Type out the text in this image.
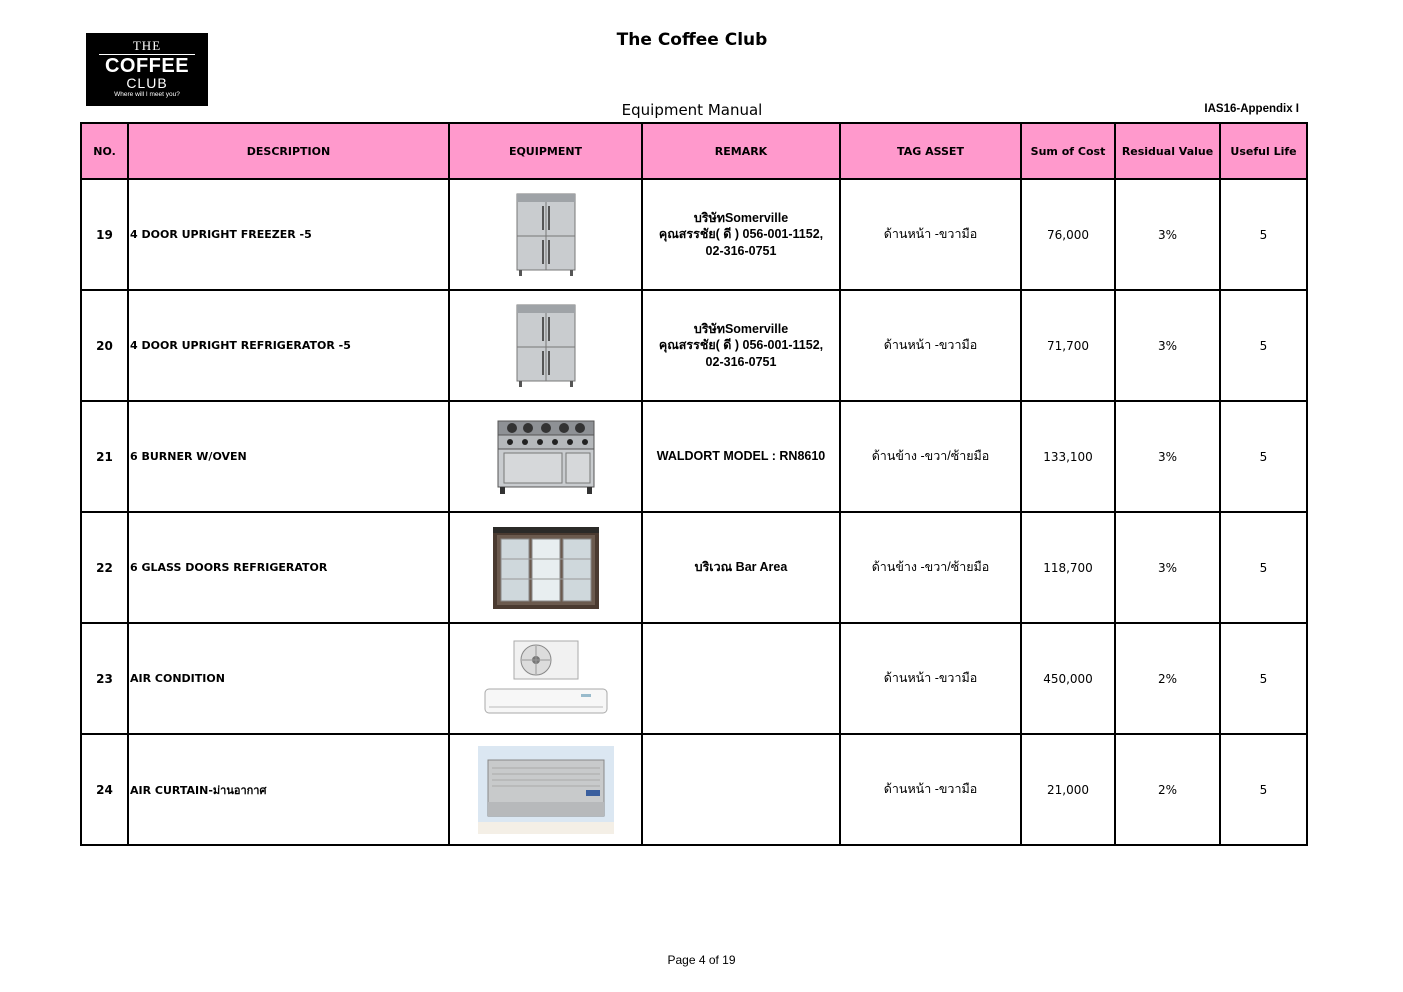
THE
COFFEE
CLUB
Where will I meet you?
The Coffee Club
Equipment Manual	IAS16-Appendix I
NO.	DESCRIPTION	EQUIPMENT	REMARK	TAG ASSET	Sum of Cost	Residual Value	Useful Life
19	4 DOOR UPRIGHT FREEZER -5		บริษัทSomerville
คุณสรรชัย( ดี ) 056-001-1152,
02-316-0751	ด้านหน้า -ขวามือ	76,000	3%	5
20	4 DOOR UPRIGHT REFRIGERATOR -5		บริษัทSomerville
คุณสรรชัย( ดี ) 056-001-1152,
02-316-0751	ด้านหน้า -ขวามือ	71,700	3%	5
21	6 BURNER W/OVEN		WALDORT MODEL : RN8610	ด้านข้าง -ขวา/ซ้ายมือ	133,100	3%	5
22	6 GLASS DOORS REFRIGERATOR		บริเวณ Bar Area	ด้านข้าง -ขวา/ซ้ายมือ	118,700	3%	5
23	AIR CONDITION			ด้านหน้า -ขวามือ	450,000	2%	5
24	AIR CURTAIN-ม่านอากาศ			ด้านหน้า -ขวามือ	21,000	2%	5
Page 4 of 19
